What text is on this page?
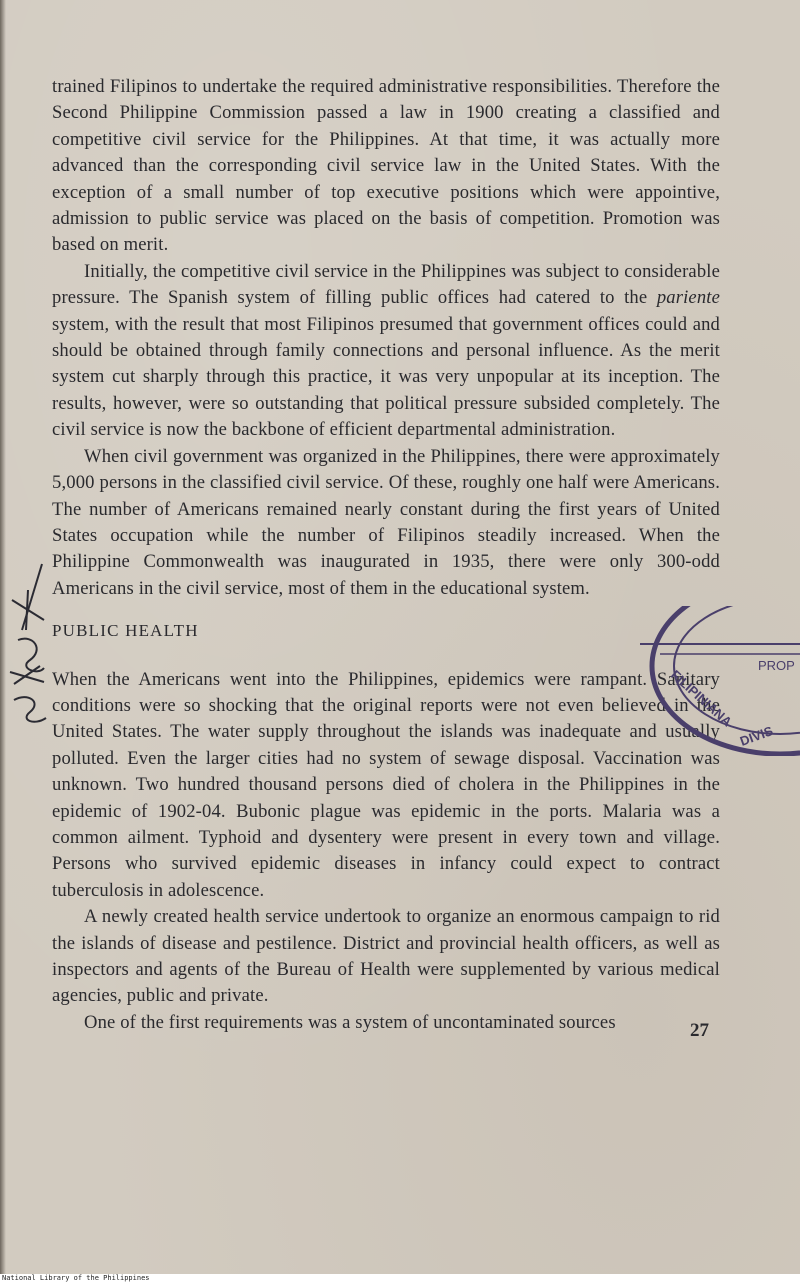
trained Filipinos to undertake the required administrative responsibilities. Therefore the Second Philippine Commission passed a law in 1900 creating a classified and competitive civil service for the Philippines. At that time, it was actually more advanced than the corresponding civil service law in the United States. With the exception of a small number of top executive positions which were appointive, admission to public service was placed on the basis of competition. Promotion was based on merit.

Initially, the competitive civil service in the Philippines was subject to considerable pressure. The Spanish system of filling public offices had catered to the pariente system, with the result that most Filipinos presumed that government offices could and should be obtained through family connections and personal influence. As the merit system cut sharply through this practice, it was very unpopular at its inception. The results, however, were so outstanding that political pressure subsided completely. The civil service is now the backbone of efficient departmental administration.

When civil government was organized in the Philippines, there were approximately 5,000 persons in the classified civil service. Of these, roughly one half were Americans. The number of Americans remained nearly constant during the first years of United States occupation while the number of Filipinos steadily increased. When the Philippine Commonwealth was inaugurated in 1935, there were only 300-odd Americans in the civil service, most of them in the educational system.

PUBLIC HEALTH

When the Americans went into the Philippines, epidemics were rampant. Sanitary conditions were so shocking that the original reports were not even believed in the United States. The water supply throughout the islands was inadequate and usually polluted. Even the larger cities had no system of sewage disposal. Vaccination was unknown. Two hundred thousand persons died of cholera in the Philippines in the epidemic of 1902-04. Bubonic plague was epidemic in the ports. Malaria was a common ailment. Typhoid and dysentery were present in every town and village. Persons who survived epidemic diseases in infancy could expect to contract tuberculosis in adolescence.

A newly created health service undertook to organize an enormous campaign to rid the islands of disease and pestilence. District and provincial health officers, as well as inspectors and agents of the Bureau of Health were supplemented by various medical agencies, public and private.

One of the first requirements was a system of uncontaminated sources

3/ 8 9 4
PROP
FILIPINIANA
DIVIS
27
National Library of the Philippines
